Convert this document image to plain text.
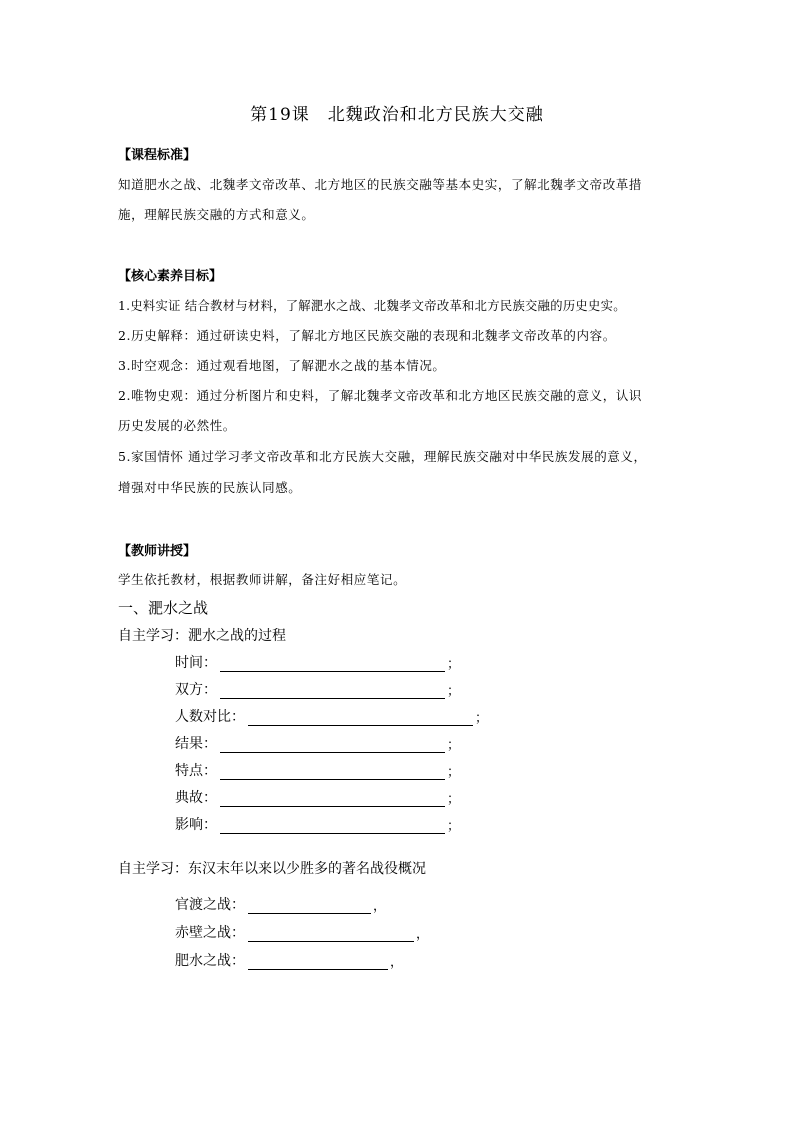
第19课　北魏政治和北方民族大交融
【课程标准】
知道肥水之战、北魏孝文帝改革、北方地区的民族交融等基本史实，了解北魏孝文帝改革措
施，理解民族交融的方式和意义。
【核心素养目标】
1.史料实证 结合教材与材料，了解淝水之战、北魏孝文帝改革和北方民族交融的历史史实。
2.历史解释：通过研读史料，了解北方地区民族交融的表现和北魏孝文帝改革的内容。
3.时空观念：通过观看地图，了解淝水之战的基本情况。
2.唯物史观：通过分析图片和史料，了解北魏孝文帝改革和北方地区民族交融的意义，认识
历史发展的必然性。
5.家国情怀 通过学习孝文帝改革和北方民族大交融，理解民族交融对中华民族发展的意义，
增强对中华民族的民族认同感。
【教师讲授】
学生依托教材，根据教师讲解，备注好相应笔记。
一、淝水之战
自主学习：淝水之战的过程
时间：	；
双方：	；
人数对比：	；
结果：	；
特点：	；
典故：	；
影响：	；
自主学习：东汉末年以来以少胜多的著名战役概况
官渡之战：	，
赤壁之战：	，
肥水之战：	，
